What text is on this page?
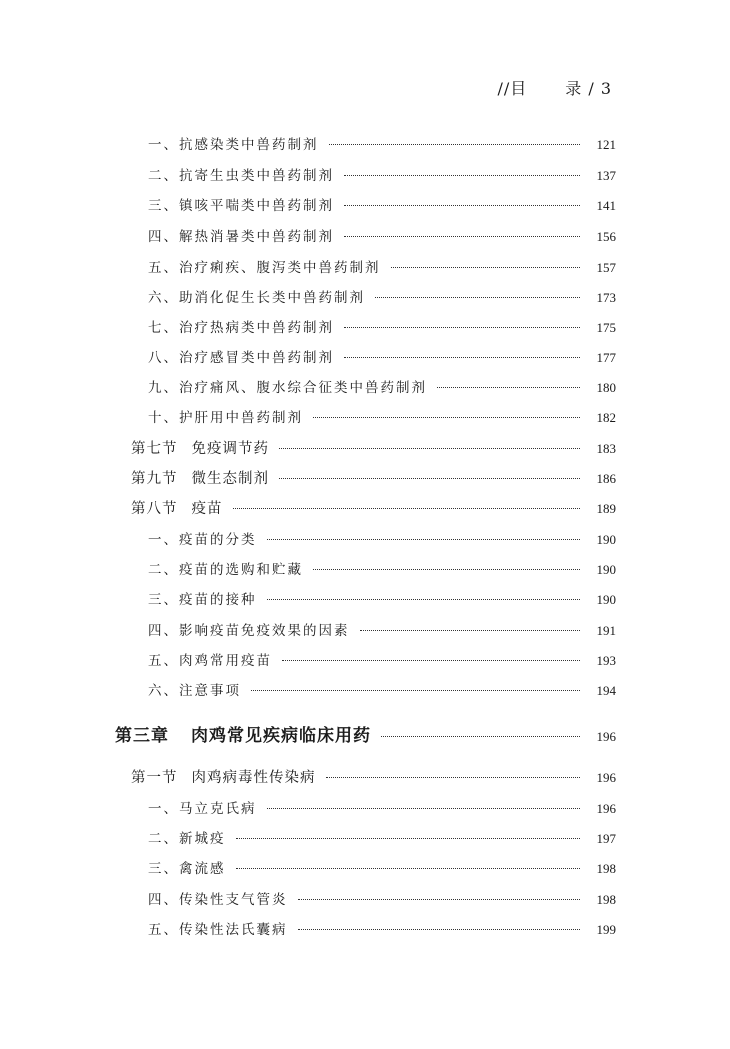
//目 录 / 3
一、抗感染类中兽药制剂	121
二、抗寄生虫类中兽药制剂	137
三、镇咳平喘类中兽药制剂	141
四、解热消暑类中兽药制剂	156
五、治疗痢疾、腹泻类中兽药制剂	157
六、助消化促生长类中兽药制剂	173
七、治疗热病类中兽药制剂	175
八、治疗感冒类中兽药制剂	177
九、治疗痛风、腹水综合征类中兽药制剂	180
十、护肝用中兽药制剂	182
第七节 免疫调节药	183
第九节 微生态制剂	186
第八节 疫苗	189
一、疫苗的分类	190
二、疫苗的选购和贮藏	190
三、疫苗的接种	190
四、影响疫苗免疫效果的因素	191
五、肉鸡常用疫苗	193
六、注意事项	194
第三章 肉鸡常见疾病临床用药	196
第一节 肉鸡病毒性传染病	196
一、马立克氏病	196
二、新城疫	197
三、禽流感	198
四、传染性支气管炎	198
五、传染性法氏囊病	199
